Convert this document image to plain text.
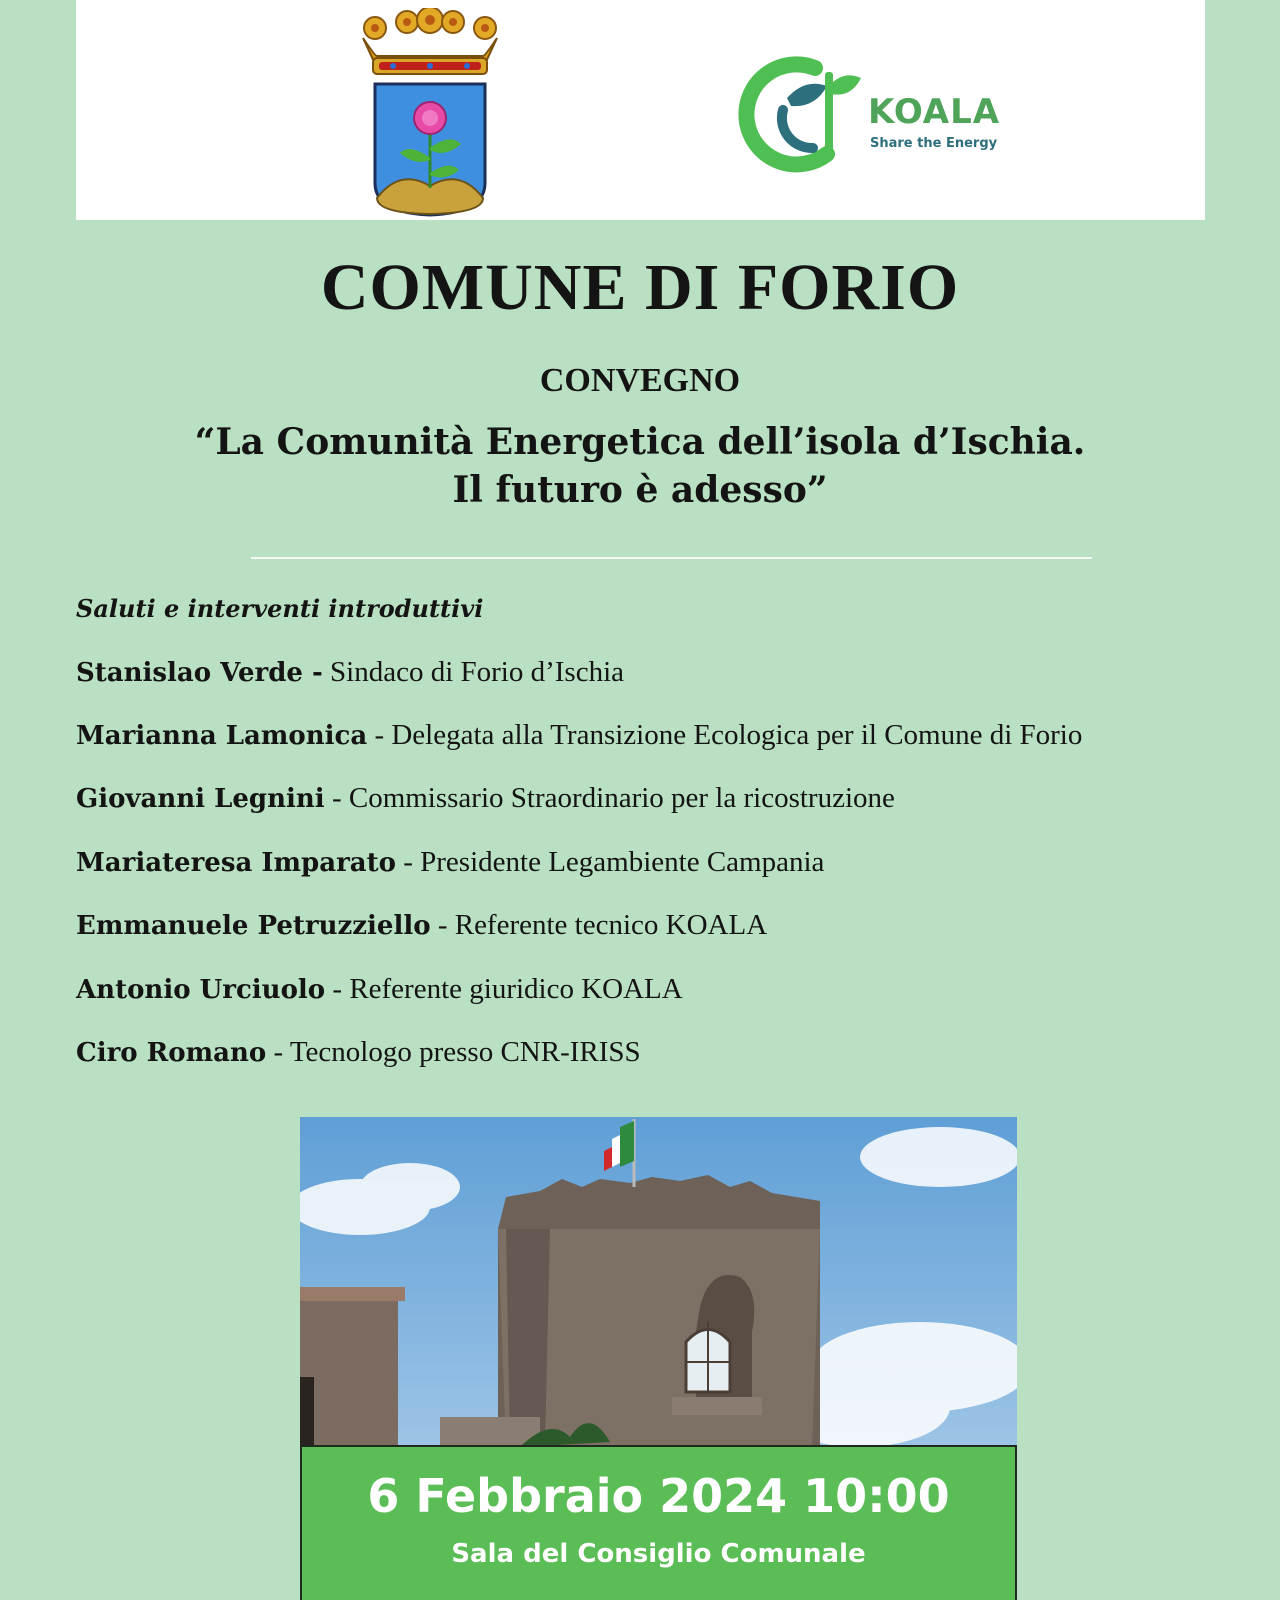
KOALA
Share the Energy
COMUNE DI FORIO
CONVEGNO
“La Comunità Energetica dell’isola d’Ischia.
Il futuro è adesso”
Saluti e interventi introduttivi
Stanislao Verde - Sindaco di Forio d’Ischia
Marianna Lamonica - Delegata alla Transizione Ecologica per il Comune di Forio
Giovanni Legnini - Commissario Straordinario per la ricostruzione
Mariateresa Imparato - Presidente Legambiente Campania
Emmanuele Petruzziello - Referente tecnico KOALA
Antonio Urciuolo - Referente giuridico KOALA
Ciro Romano - Tecnologo presso CNR-IRISS
6 Febbraio 2024 10:00
Sala del Consiglio Comunale
